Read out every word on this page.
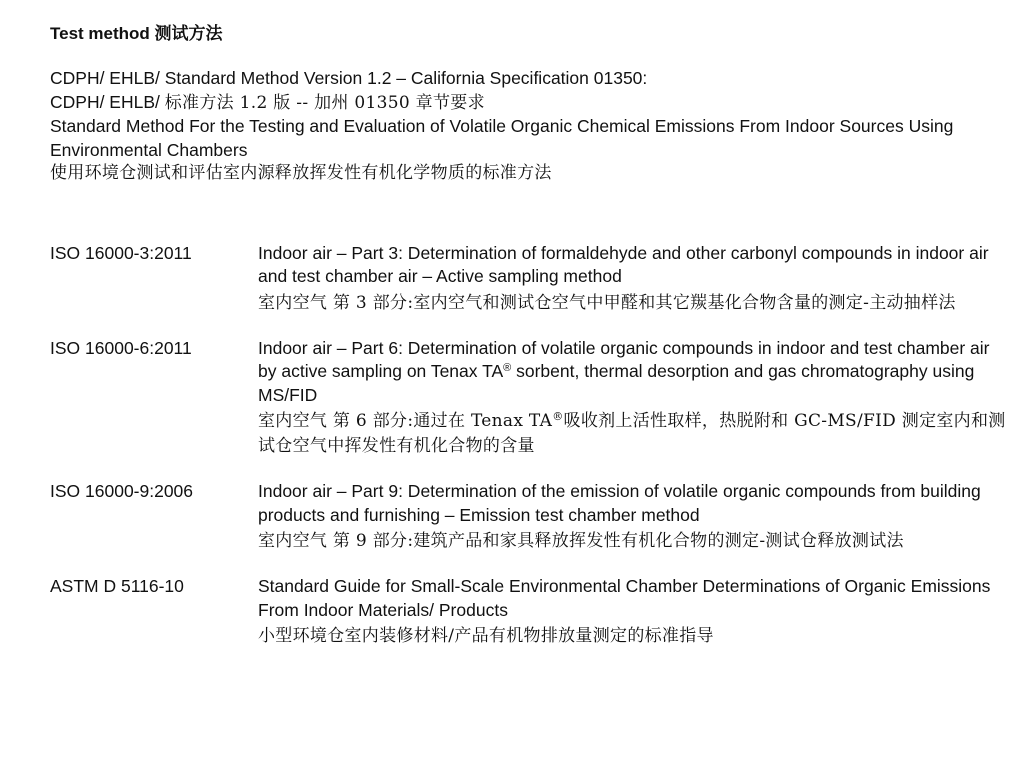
Test method 测试方法
CDPH/ EHLB/ Standard Method Version 1.2 – California Specification 01350:
CDPH/ EHLB/ 标准方法 1.2 版 -- 加州 01350 章节要求
Standard Method For the Testing and Evaluation of Volatile Organic Chemical Emissions From Indoor Sources Using Environmental Chambers
使用环境仓测试和评估室内源释放挥发性有机化学物质的标准方法
ISO 16000-3:2011	Indoor air – Part 3: Determination of formaldehyde and other carbonyl compounds in indoor air and test chamber air – Active sampling method
室内空气 第 3 部分:室内空气和测试仓空气中甲醛和其它羰基化合物含量的测定-主动抽样法
ISO 16000-6:2011	Indoor air – Part 6: Determination of volatile organic compounds in indoor and test chamber air by active sampling on Tenax TA® sorbent, thermal desorption and gas chromatography using MS/FID
室内空气 第 6 部分:通过在 Tenax TA®吸收剂上活性取样，热脱附和 GC-MS/FID 测定室内和测试仓空气中挥发性有机化合物的含量
ISO 16000-9:2006	Indoor air – Part 9: Determination of the emission of volatile organic compounds from building products and furnishing – Emission test chamber method
室内空气 第 9 部分:建筑产品和家具释放挥发性有机化合物的测定-测试仓释放测试法
ASTM D 5116-10	Standard Guide for Small-Scale Environmental Chamber Determinations of Organic Emissions From Indoor Materials/ Products
小型环境仓室内装修材料/产品有机物排放量测定的标准指导
